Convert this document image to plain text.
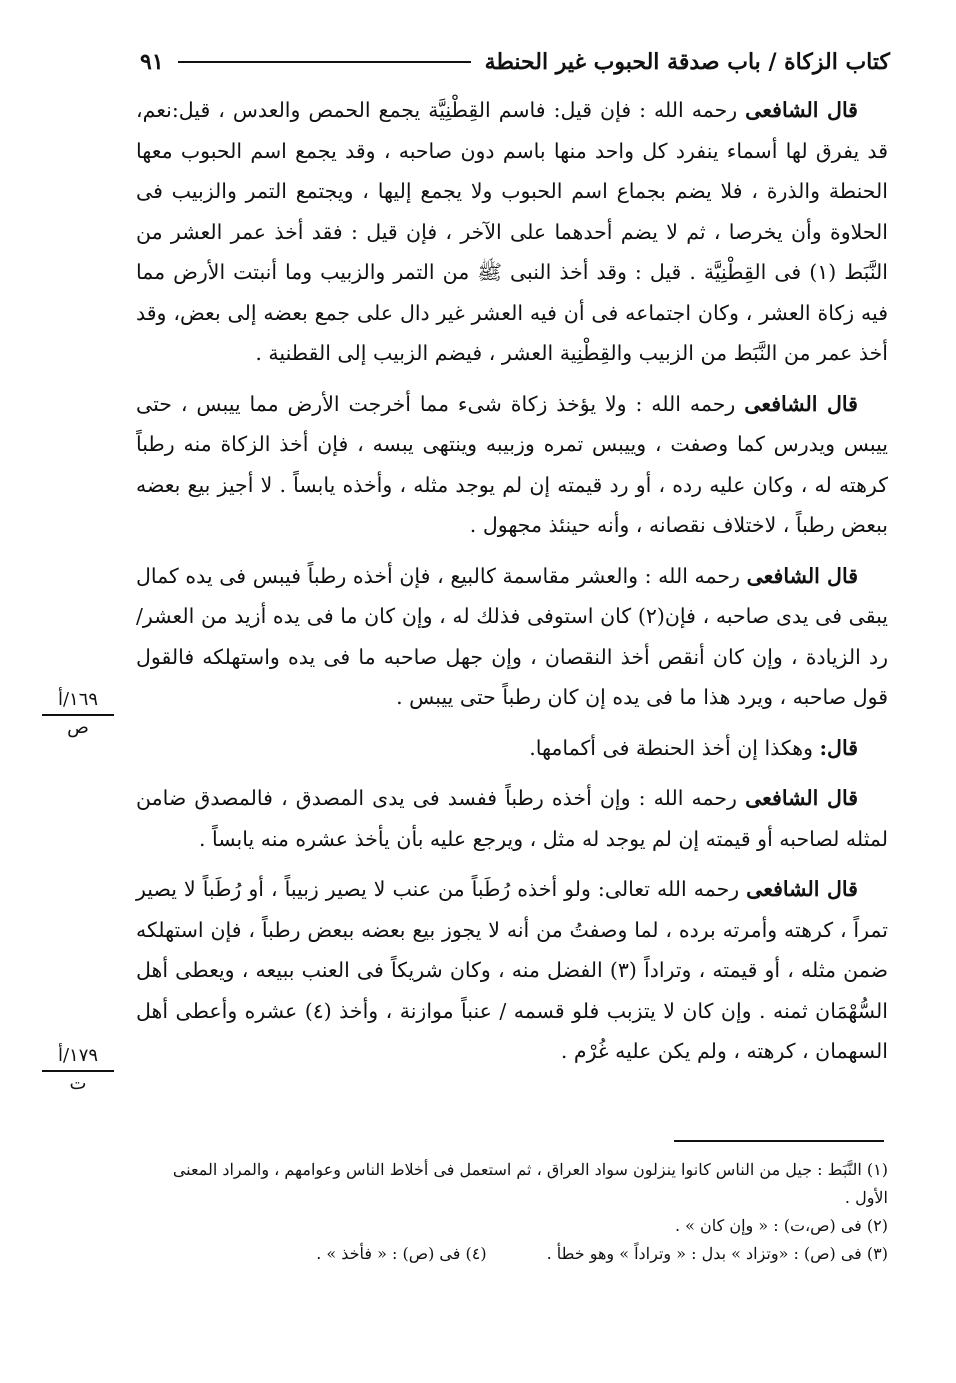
كتاب الزكاة / باب صدقة الحبوب غير الحنطة
٩١

قال الشافعى رحمه الله : فإن قيل: فاسم القِطْنِيَّة يجمع الحمص والعدس ، قيل:نعم، قد يفرق لها أسماء ينفرد كل واحد منها باسم دون صاحبه ، وقد يجمع اسم الحبوب معها الحنطة والذرة ، فلا يضم بجماع اسم الحبوب ولا يجمع إليها ، ويجتمع التمر والزبيب فى الحلاوة وأن يخرصا ، ثم لا يضم أحدهما على الآخر ، فإن قيل : فقد أخذ عمر العشر من النَّبَط (١) فى القِطْنِيَّة . قيل : وقد أخذ النبى ﷺ من التمر والزبيب وما أنبتت الأرض مما فيه زكاة العشر ، وكان اجتماعه فى أن فيه العشر غير دال على جمع بعضه إلى بعض، وقد أخذ عمر من النَّبَط من الزبيب والقِطْنِية العشر ، فيضم الزبيب إلى القطنية .

قال الشافعى رحمه الله : ولا يؤخذ زكاة شىء مما أخرجت الأرض مما ييبس ، حتى ييبس ويدرس كما وصفت ، وييبس تمره وزبيبه وينتهى يبسه ، فإن أخذ الزكاة منه رطباً كرهته له ، وكان عليه رده ، أو رد قيمته إن لم يوجد مثله ، وأخذه يابساً . لا أجيز بيع بعضه ببعض رطباً ، لاختلاف نقصانه ، وأنه حينئذ مجهول .

قال الشافعى رحمه الله : والعشر مقاسمة كالبيع ، فإن أخذه رطباً فيبس فى يده كمال يبقى فى يدى صاحبه ، فإن(٢) كان استوفى فذلك له ، وإن كان ما فى يده أزيد من العشر/ رد الزيادة ، وإن كان أنقص أخذ النقصان ، وإن جهل صاحبه ما فى يده واستهلكه فالقول قول صاحبه ، ويرد هذا ما فى يده إن كان رطباً حتى ييبس .

قال: وهكذا إن أخذ الحنطة فى أكمامها.

قال الشافعى رحمه الله : وإن أخذه رطباً ففسد فى يدى المصدق ، فالمصدق ضامن لمثله لصاحبه أو قيمته إن لم يوجد له مثل ، ويرجع عليه بأن يأخذ عشره منه يابساً .

قال الشافعى رحمه الله تعالى: ولو أخذه رُطَباً من عنب لا يصير زبيباً ، أو رُطَباً لا يصير تمراً ، كرهته وأمرته برده ، لما وصفتُ من أنه لا يجوز بيع بعضه ببعض رطباً ، فإن استهلكه ضمن مثله ، أو قيمته ، وتراداً (٣) الفضل منه ، وكان شريكاً فى العنب ببيعه ، ويعطى أهل السُّهْمَان ثمنه . وإن كان لا يتزبب فلو قسمه / عنباً موازنة ، وأخذ (٤) عشره وأعطى أهل السهمان ، كرهته ، ولم يكن عليه غُرْم .

١٦٩/أ
ص
١٧٩/أ
ت

(١) النَّبَط : جيل من الناس كانوا ينزلون سواد العراق ، ثم استعمل فى أخلاط الناس وعوامهم ، والمراد المعنى الأول .

(٢) فى (ص،ت) : « وإن كان » .

(٣) فى (ص) : «وتزاد » بدل : « وتراداً » وهو خطأ .

(٤) فى (ص) : « فأخذ » .
